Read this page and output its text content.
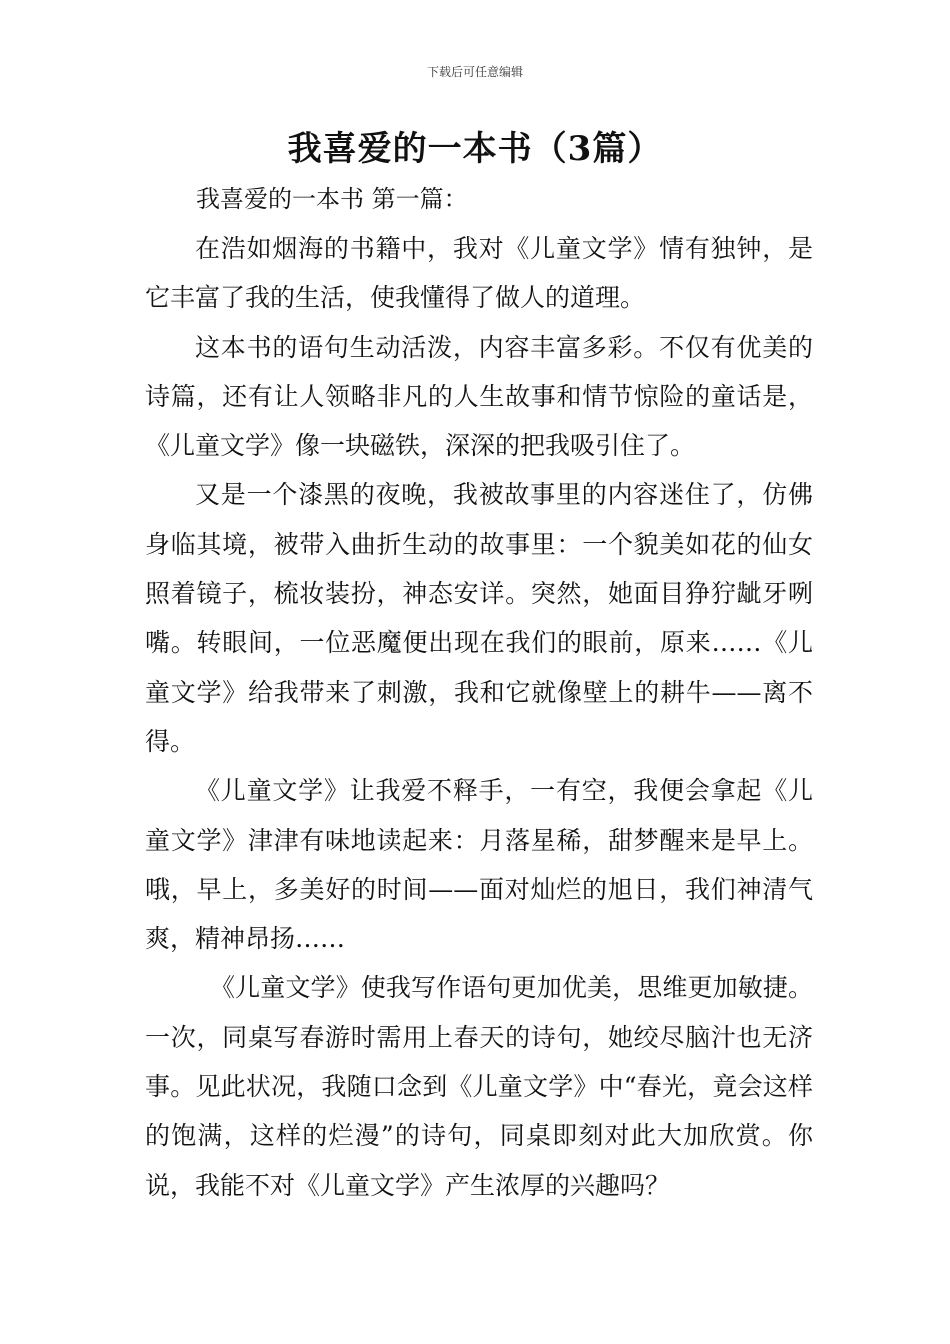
下载后可任意编辑
我喜爱的一本书（3篇）
我喜爱的一本书 第一篇：

在浩如烟海的书籍中，我对《儿童文学》情有独钟，是它丰富了我的生活，使我懂得了做人的道理。

这本书的语句生动活泼，内容丰富多彩。不仅有优美的诗篇，还有让人领略非凡的人生故事和情节惊险的童话是，《儿童文学》像一块磁铁，深深的把我吸引住了。

又是一个漆黑的夜晚，我被故事里的内容迷住了，仿佛身临其境，被带入曲折生动的故事里：一个貌美如花的仙女照着镜子，梳妆装扮，神态安详。突然，她面目狰狞龇牙咧嘴。转眼间，一位恶魔便出现在我们的眼前，原来……《儿童文学》给我带来了刺激，我和它就像壁上的耕牛——离不得。

《儿童文学》让我爱不释手，一有空，我便会拿起《儿童文学》津津有味地读起来：月落星稀，甜梦醒来是早上。哦，早上，多美好的时间——面对灿烂的旭日，我们神清气爽，精神昂扬……

《儿童文学》使我写作语句更加优美，思维更加敏捷。一次，同桌写春游时需用上春天的诗句，她绞尽脑汁也无济事。见此状况，我随口念到《儿童文学》中“春光，竟会这样的饱满，这样的烂漫”的诗句，同桌即刻对此大加欣赏。你说，我能不对《儿童文学》产生浓厚的兴趣吗？
